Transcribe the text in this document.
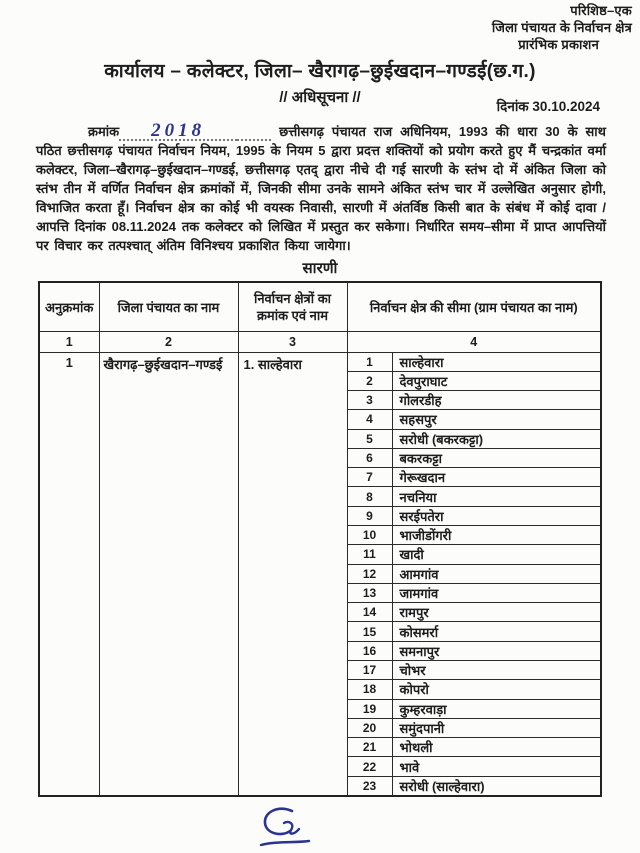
परिशिष्ठ–एक
जिला पंचायत के निर्वाचन क्षेत्र
प्रारंभिक प्रकाशन
कार्यालय – कलेक्टर, जिला– खैरागढ़–छुईखदान–गण्डई(छ.ग.)
// अधिसूचना //
दिनांक 30.10.2024

क्रमांक 2018	छत्तीसगढ़ पंचायत राज अधिनियम, 1993 की धारा 30 के साथ पठित छत्तीसगढ़ पंचायत निर्वाचन नियम, 1995 के नियम 5 द्वारा प्रदत्त शक्तियों को प्रयोग करते हुए मैं चन्द्रकांत वर्मा कलेक्टर, जिला–खैरागढ़–छुईखदान–गण्डई, छत्तीसगढ़ एतद् द्वारा नीचे दी गई सारणी के स्तंभ दो में अंकित जिला को स्तंभ तीन में वर्णित निर्वाचन क्षेत्र क्रमांकों में, जिनकी सीमा उनके सामने अंकित स्तंभ चार में उल्लेखित अनुसार होगी, विभाजित करता हूँ। निर्वाचन क्षेत्र का कोई भी वयस्क निवासी, सारणी में अंतर्विष्ठ किसी बात के संबंध में कोई दावा / आपत्ति दिनांक 08.11.2024 तक कलेक्टर को लिखित में प्रस्तुत कर सकेगा। निर्धारित समय–सीमा में प्राप्त आपत्तियों पर विचार कर तत्पश्चात् अंतिम विनिश्चय प्रकाशित किया जायेगा।

सारणी
अनुक्रमांक	जिला पंचायत का नाम	निर्वाचन क्षेत्रों का क्रमांक एवं नाम	निर्वाचन क्षेत्र की सीमा (ग्राम पंचायत का नाम)	
1	2	3	4	
1	खैरागढ़–छुईखदान–गण्डई	1. साल्हेवारा	1	साल्हेवारा
			2	देवपुराघाट
			3	गोलरडीह
			4	सहसपुर
			5	सरोधी (बकरकट्टा)
			6	बकरकट्टा
			7	गेरूखदान
			8	नचनिया
			9	सरईपतेरा
			10	भाजीडोंगरी
			11	खादी
			12	आमगांव
			13	जामगांव
			14	रामपुर
			15	कोसमर्रा
			16	समनापुर
			17	चोभर
			18	कोपरो
			19	कुम्हरवाड़ा
			20	समुंदपानी
			21	भोथली
			22	भावे
			23	सरोधी (साल्हेवारा)
